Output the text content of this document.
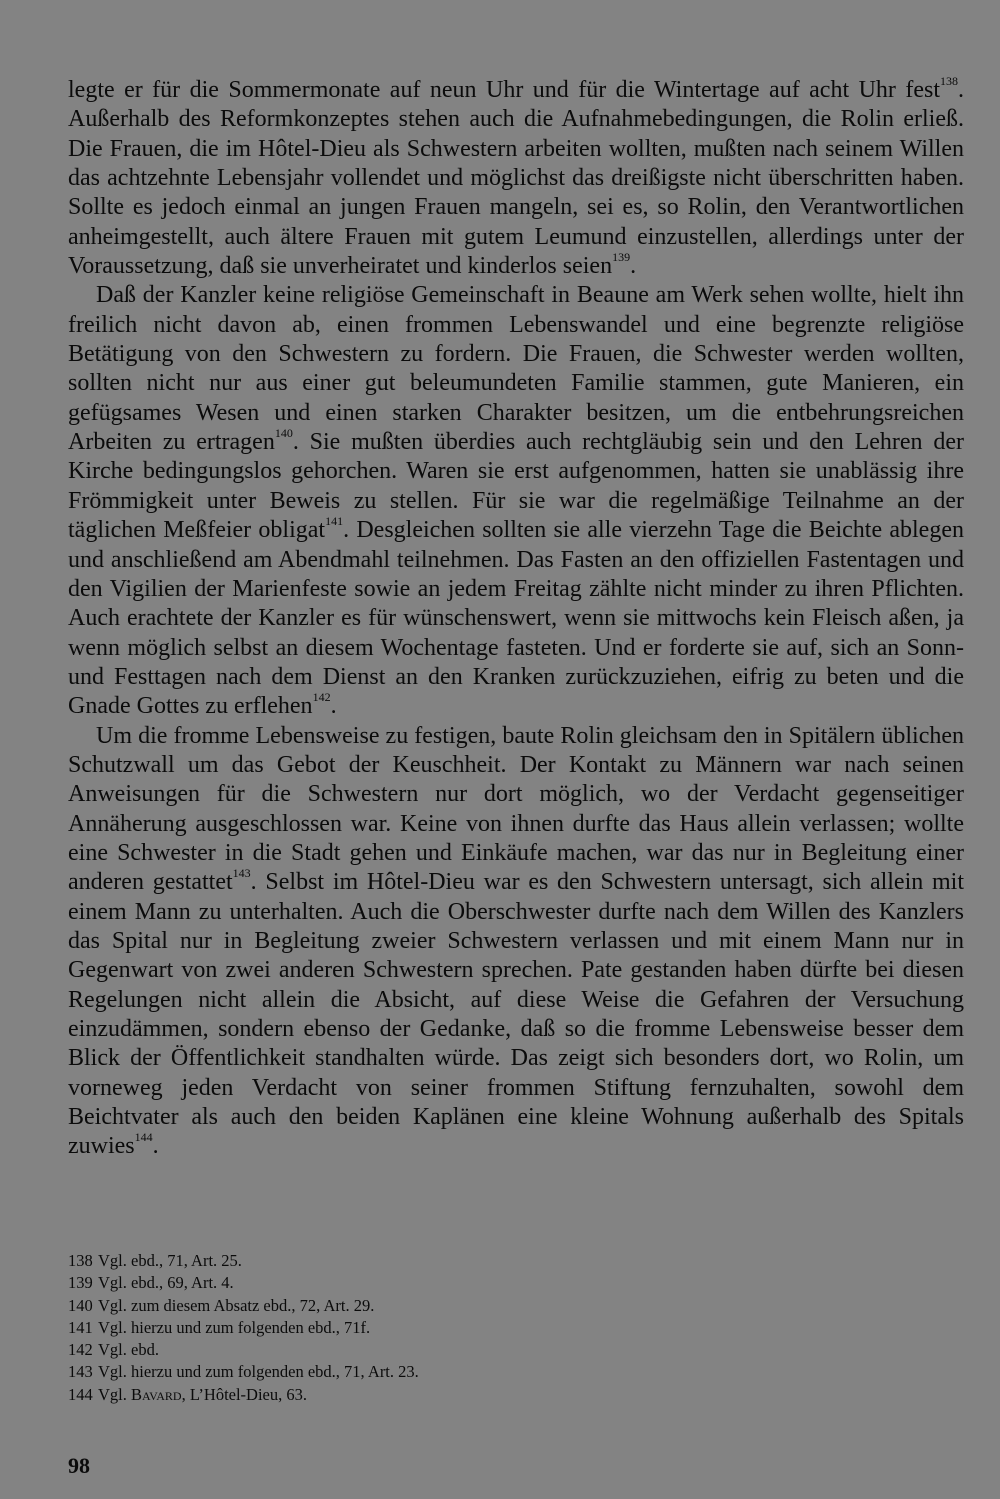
legte er für die Sommermonate auf neun Uhr und für die Wintertage auf acht Uhr fest$^{138}$. Außerhalb des Reformkonzeptes stehen auch die Aufnahmebedingungen, die Rolin erließ. Die Frauen, die im Hôtel-Dieu als Schwestern arbeiten wollten, mußten nach seinem Willen das achtzehnte Lebensjahr vollendet und möglichst das dreißigste nicht überschritten haben. Sollte es jedoch einmal an jungen Frauen mangeln, sei es, so Rolin, den Verantwortlichen anheimgestellt, auch ältere Frauen mit gutem Leumund einzustellen, allerdings unter der Voraussetzung, daß sie unverheiratet und kinderlos seien$^{139}$.

Daß der Kanzler keine religiöse Gemeinschaft in Beaune am Werk sehen wollte, hielt ihn freilich nicht davon ab, einen frommen Lebenswandel und eine begrenzte religiöse Betätigung von den Schwestern zu fordern. Die Frauen, die Schwester werden wollten, sollten nicht nur aus einer gut beleumundeten Familie stammen, gute Manieren, ein gefügsames Wesen und einen starken Charakter besitzen, um die entbehrungsreichen Arbeiten zu ertragen$^{140}$. Sie mußten überdies auch rechtgläubig sein und den Lehren der Kirche bedingungslos gehorchen. Waren sie erst aufgenommen, hatten sie unablässig ihre Frömmigkeit unter Beweis zu stellen. Für sie war die regelmäßige Teilnahme an der täglichen Meßfeier obligat$^{141}$. Desgleichen sollten sie alle vierzehn Tage die Beichte ablegen und anschließend am Abendmahl teilnehmen. Das Fasten an den offiziellen Fastentagen und den Vigilien der Marienfeste sowie an jedem Freitag zählte nicht minder zu ihren Pflichten. Auch erachtete der Kanzler es für wünschenswert, wenn sie mittwochs kein Fleisch aßen, ja wenn möglich selbst an diesem Wochentage fasteten. Und er forderte sie auf, sich an Sonn- und Festtagen nach dem Dienst an den Kranken zurückzuziehen, eifrig zu beten und die Gnade Gottes zu erflehen$^{142}$.

Um die fromme Lebensweise zu festigen, baute Rolin gleichsam den in Spitälern üblichen Schutzwall um das Gebot der Keuschheit. Der Kontakt zu Männern war nach seinen Anweisungen für die Schwestern nur dort möglich, wo der Verdacht gegenseitiger Annäherung ausgeschlossen war. Keine von ihnen durfte das Haus allein verlassen; wollte eine Schwester in die Stadt gehen und Einkäufe machen, war das nur in Begleitung einer anderen gestattet$^{143}$. Selbst im Hôtel-Dieu war es den Schwestern untersagt, sich allein mit einem Mann zu unterhalten. Auch die Oberschwester durfte nach dem Willen des Kanzlers das Spital nur in Begleitung zweier Schwestern verlassen und mit einem Mann nur in Gegenwart von zwei anderen Schwestern sprechen. Pate gestanden haben dürfte bei diesen Regelungen nicht allein die Absicht, auf diese Weise die Gefahren der Versuchung einzudämmen, sondern ebenso der Gedanke, daß so die fromme Lebensweise besser dem Blick der Öffentlichkeit standhalten würde. Das zeigt sich besonders dort, wo Rolin, um vorneweg jeden Verdacht von seiner frommen Stiftung fernzuhalten, sowohl dem Beichtvater als auch den beiden Kaplänen eine kleine Wohnung außerhalb des Spitals zuwies$^{144}$.

138 Vgl. ebd., 71, Art. 25.

139 Vgl. ebd., 69, Art. 4.

140 Vgl. zum diesem Absatz ebd., 72, Art. 29.

141 Vgl. hierzu und zum folgenden ebd., 71f.

142 Vgl. ebd.

143 Vgl. hierzu und zum folgenden ebd., 71, Art. 23.

144 Vgl. Bavard, L’Hôtel-Dieu, 63.

98
